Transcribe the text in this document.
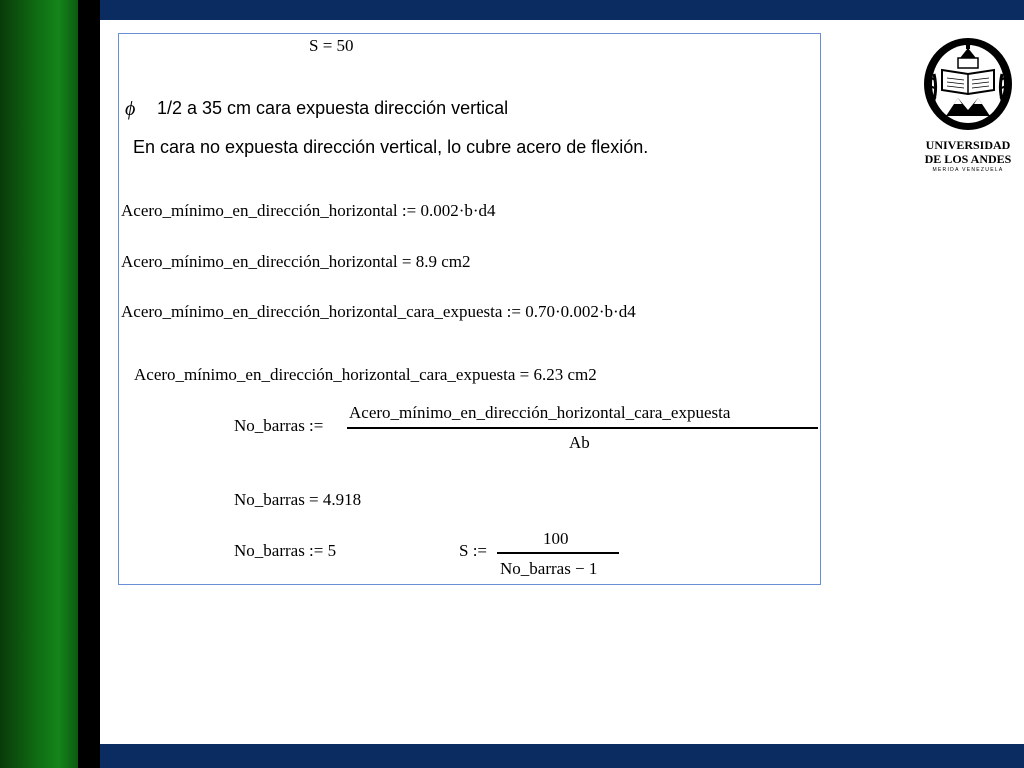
S = 50
ϕ 1/2 a 35 cm cara expuesta dirección vertical
En cara no expuesta dirección vertical, lo cubre acero de flexión.
Acero_mínimo_en_dirección_horizontal := 0.002·b·d4
Acero_mínimo_en_dirección_horizontal = 8.9 cm2
Acero_mínimo_en_dirección_horizontal_cara_expuesta := 0.70·0.002·b·d4
Acero_mínimo_en_dirección_horizontal_cara_expuesta = 6.23 cm2
No_barras :=
Acero_mínimo_en_dirección_horizontal_cara_expuesta
Ab
No_barras = 4.918
No_barras := 5	S :=
100
No_barras − 1
UNIVERSIDAD
DE LOS ANDES
MERIDA VENEZUELA
